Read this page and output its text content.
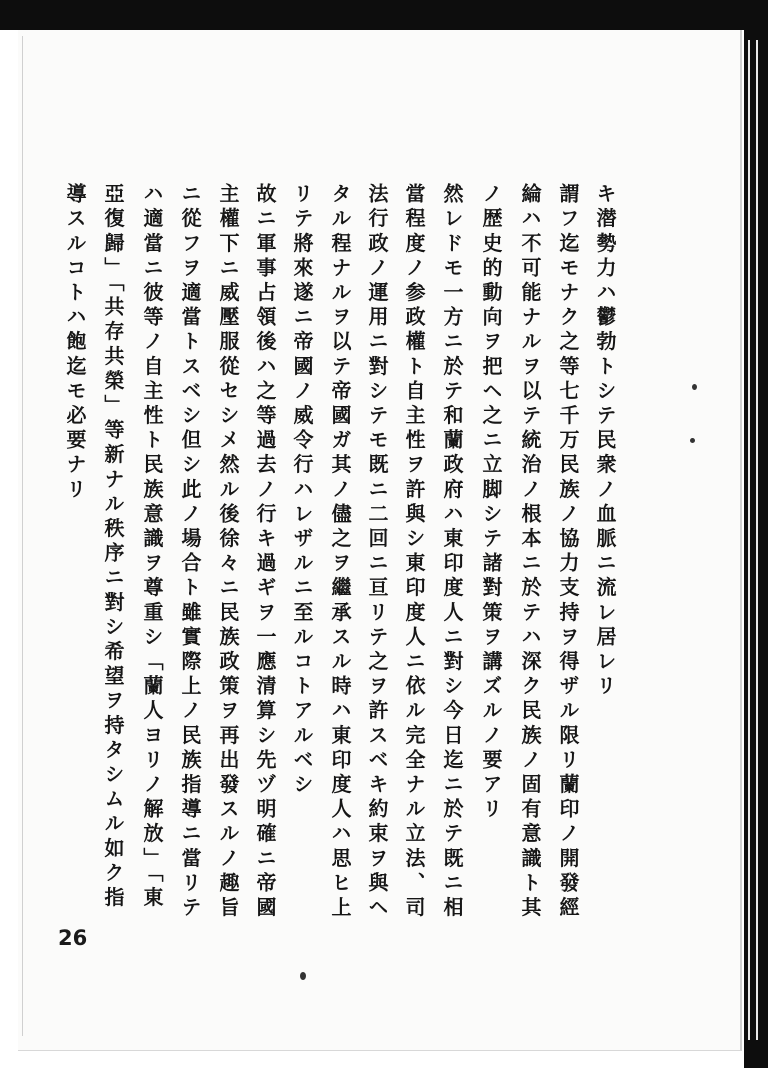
キ潜勢力ハ鬱勃トシテ民衆ノ血脈ニ流レ居レリ
謂フ迄モナク之等七千万民族ノ協力支持ヲ得ザル限リ蘭印ノ開發經
綸ハ不可能ナルヲ以テ統治ノ根本ニ於テハ深ク民族ノ固有意識ト其
ノ歴史的動向ヲ把ヘ之ニ立脚シテ諸對策ヲ講ズルノ要アリ
然レドモ一方ニ於テ和蘭政府ハ東印度人ニ對シ今日迄ニ於テ既ニ相
當程度ノ参政權ト自主性ヲ許與シ東印度人ニ依ル完全ナル立法、司
法行政ノ運用ニ對シテモ既ニ二回ニ亘リテ之ヲ許スベキ約束ヲ與ヘ
タル程ナルヲ以テ帝國ガ其ノ儘之ヲ繼承スル時ハ東印度人ハ思ヒ上
リテ將來遂ニ帝國ノ威令行ハレザルニ至ルコトアルベシ
故ニ軍事占領後ハ之等過去ノ行キ過ギヲ一應清算シ先ヅ明確ニ帝國
主權下ニ威壓服從セシメ然ル後徐々ニ民族政策ヲ再出發スルノ趣旨
ニ從フヲ適當トスベシ但シ此ノ場合ト雖實際上ノ民族指導ニ當リテ
ハ適當ニ彼等ノ自主性ト民族意識ヲ尊重シ「蘭人ヨリノ解放」「東
亞復歸」「共存共榮」等新ナル秩序ニ對シ希望ヲ持タシムル如ク指
導スルコトハ飽迄モ必要ナリ
26
